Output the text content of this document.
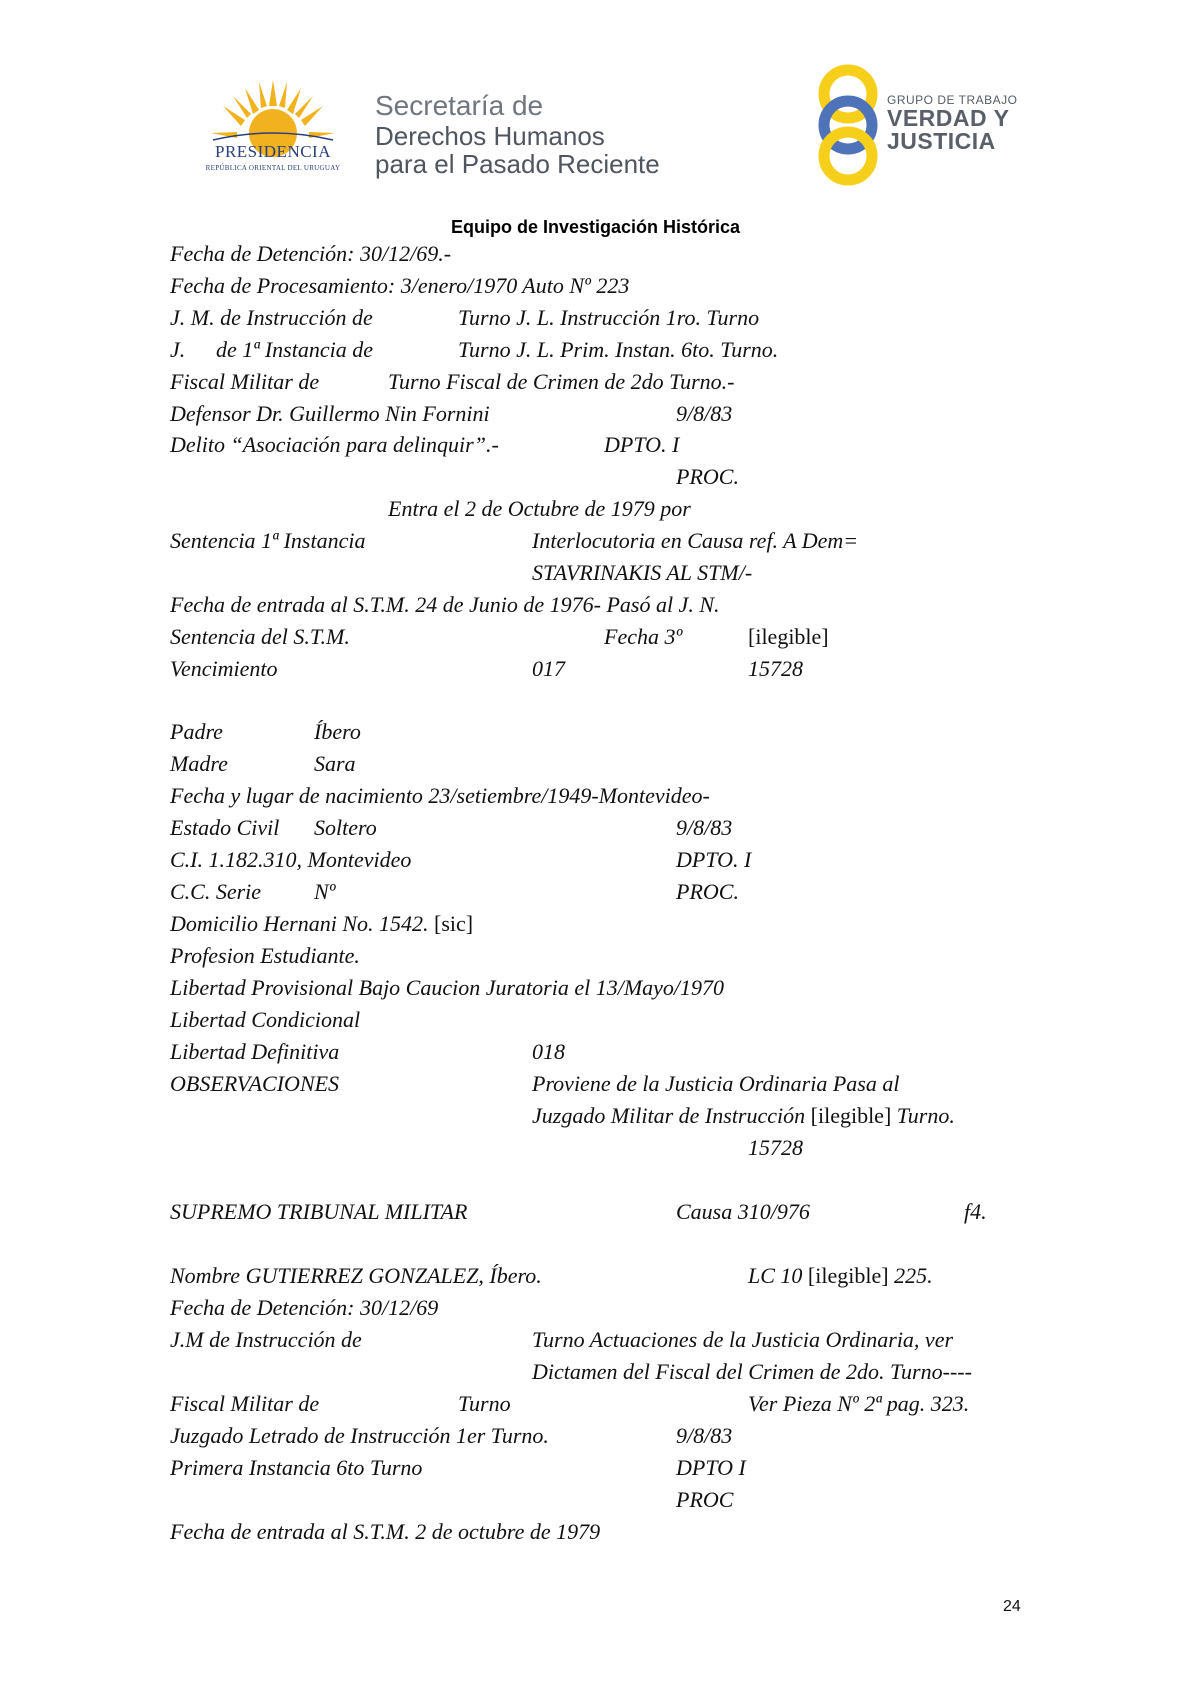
PRESIDENCIA
REPÚBLICA ORIENTAL DEL URUGUAY
Secretaría de
Derechos Humanos
para el Pasado Reciente
GRUPO DE TRABAJO
VERDAD Y
JUSTICIA
Equipo de Investigación Histórica
Fecha de Detención: 30/12/69.-
Fecha de Procesamiento: 3/enero/1970 Auto Nº 223
J. M. de Instrucción de	Turno J. L. Instrucción 1ro. Turno
J. de 1ª Instancia de	Turno J. L. Prim. Instan. 6to. Turno.
Fiscal Militar de	Turno Fiscal de Crimen de 2do Turno.-
Defensor Dr. Guillermo Nin Fornini	9/8/83
Delito “Asociación para delinquir”.-	DPTO. I
PROC.
Entra el 2 de Octubre de 1979 por
Sentencia 1ª Instancia	Interlocutoria en Causa ref. A Dem=
STAVRINAKIS AL STM/-
Fecha de entrada al S.T.M. 24 de Junio de 1976- Pasó al J. N.
Sentencia del S.T.M.	Fecha 3º	[ilegible]
Vencimiento	017	15728
Padre	Íbero
Madre	Sara
Fecha y lugar de nacimiento 23/setiembre/1949-Montevideo-
Estado Civil Soltero	9/8/83
C.I. 1.182.310, Montevideo	DPTO. I
C.C. Serie Nº	PROC.
Domicilio Hernani No. 1542. [sic]
Profesion Estudiante.
Libertad Provisional Bajo Caucion Juratoria el 13/Mayo/1970
Libertad Condicional
Libertad Definitiva	018
OBSERVACIONES	Proviene de la Justicia Ordinaria Pasa al
Juzgado Militar de Instrucción [ilegible] Turno.
15728
SUPREMO TRIBUNAL MILITAR	Causa 310/976	f4.
Nombre GUTIERREZ GONZALEZ, Íbero.	LC 10 [ilegible] 225.
Fecha de Detención: 30/12/69
J.M de Instrucción de	Turno Actuaciones de la Justicia Ordinaria, ver
Dictamen del Fiscal del Crimen de 2do. Turno----
Fiscal Militar de	Turno	Ver Pieza Nº 2ª pag. 323.
Juzgado Letrado de Instrucción 1er Turno.	9/8/83
Primera Instancia 6to Turno	DPTO I
PROC
Fecha de entrada al S.T.M. 2 de octubre de 1979
24
